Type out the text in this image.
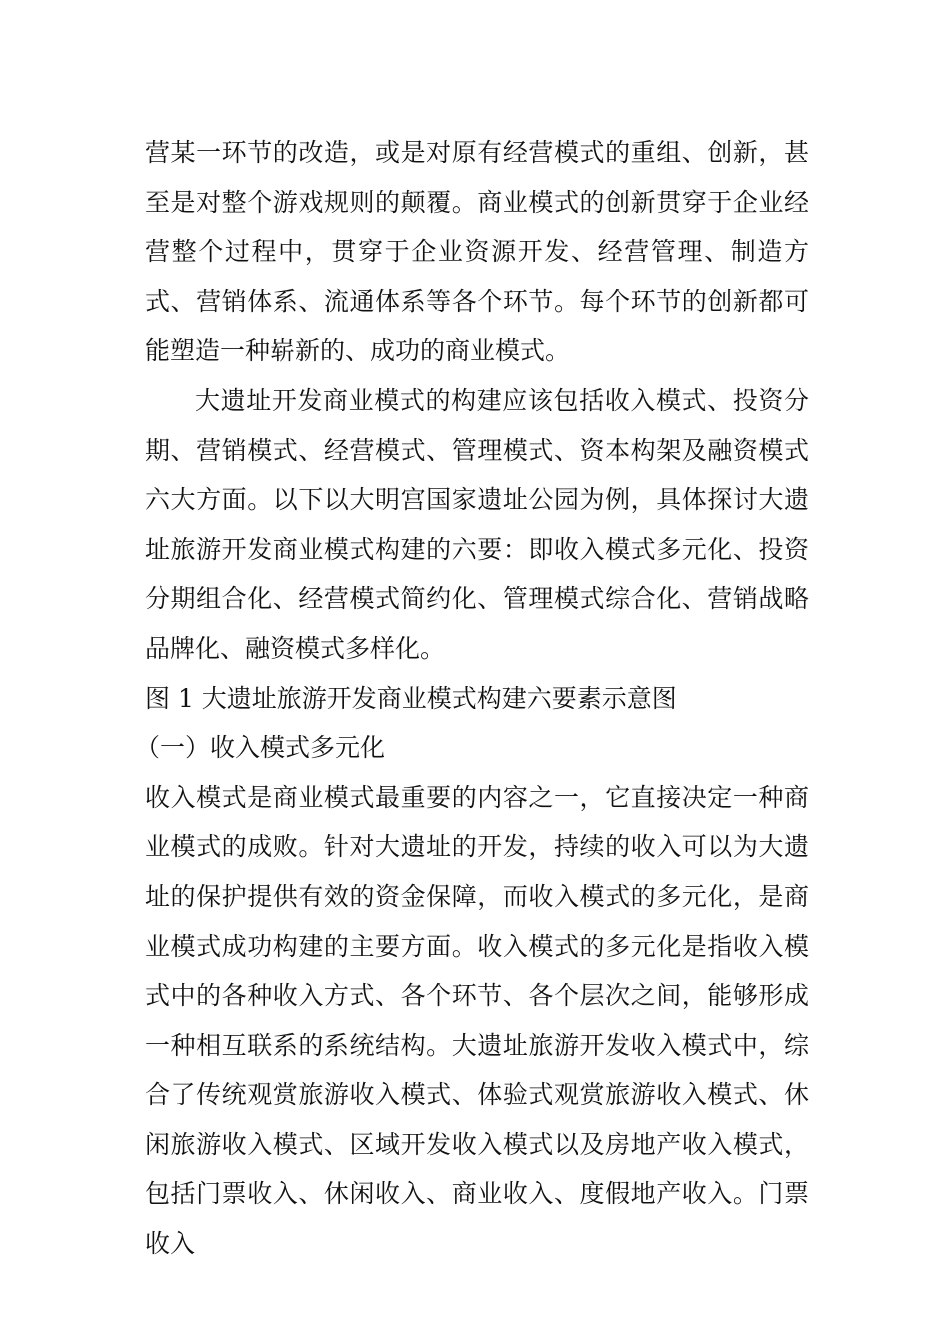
营某一环节的改造，或是对原有经营模式的重组、创新，甚至是对整个游戏规则的颠覆。商业模式的创新贯穿于企业经营整个过程中，贯穿于企业资源开发、经营管理、制造方式、营销体系、流通体系等各个环节。每个环节的创新都可能塑造一种崭新的、成功的商业模式。

大遗址开发商业模式的构建应该包括收入模式、投资分期、营销模式、经营模式、管理模式、资本构架及融资模式六大方面。以下以大明宫国家遗址公园为例，具体探讨大遗址旅游开发商业模式构建的六要：即收入模式多元化、投资分期组合化、经营模式简约化、管理模式综合化、营销战略品牌化、融资模式多样化。

图 1 大遗址旅游开发商业模式构建六要素示意图

（一）收入模式多元化

收入模式是商业模式最重要的内容之一，它直接决定一种商业模式的成败。针对大遗址的开发，持续的收入可以为大遗址的保护提供有效的资金保障，而收入模式的多元化，是商业模式成功构建的主要方面。收入模式的多元化是指收入模式中的各种收入方式、各个环节、各个层次之间，能够形成一种相互联系的系统结构。大遗址旅游开发收入模式中，综合了传统观赏旅游收入模式、体验式观赏旅游收入模式、休闲旅游收入模式、区域开发收入模式以及房地产收入模式，包括门票收入、休闲收入、商业收入、度假地产收入。门票收入
